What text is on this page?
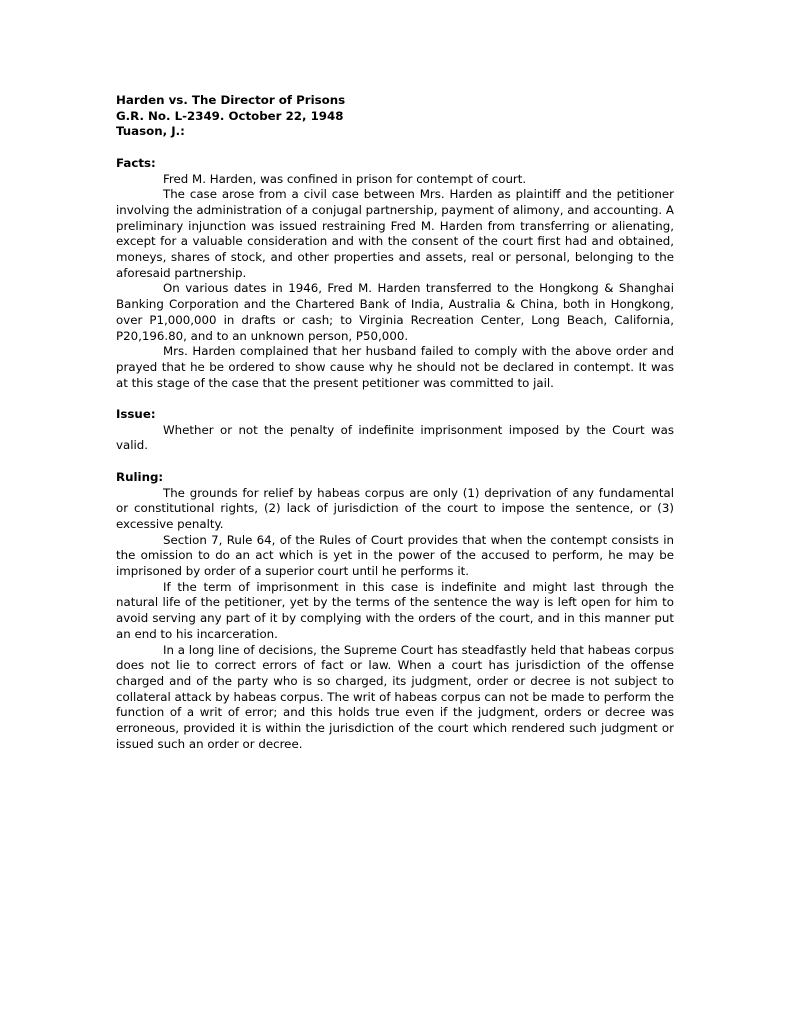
Harden vs. The Director of Prisons
G.R. No. L-2349. October 22, 1948
Tuason, J.:
Facts:

Fred M. Harden, was confined in prison for contempt of court.

The case arose from a civil case between Mrs. Harden as plaintiff and the petitioner involving the administration of a conjugal partnership, payment of alimony, and accounting. A preliminary injunction was issued restraining Fred M. Harden from transferring or alienating, except for a valuable consideration and with the consent of the court first had and obtained, moneys, shares of stock, and other properties and assets, real or personal, belonging to the aforesaid partnership.

On various dates in 1946, Fred M. Harden transferred to the Hongkong & Shanghai Banking Corporation and the Chartered Bank of India, Australia & China, both in Hongkong, over P1,000,000 in drafts or cash; to Virginia Recreation Center, Long Beach, California, P20,196.80, and to an unknown person, P50,000.

Mrs. Harden complained that her husband failed to comply with the above order and prayed that he be ordered to show cause why he should not be declared in contempt. It was at this stage of the case that the present petitioner was committed to jail.

Issue:

Whether or not the penalty of indefinite imprisonment imposed by the Court was valid.

Ruling:

The grounds for relief by habeas corpus are only (1) deprivation of any fundamental or constitutional rights, (2) lack of jurisdiction of the court to impose the sentence, or (3) excessive penalty.

Section 7, Rule 64, of the Rules of Court provides that when the contempt consists in the omission to do an act which is yet in the power of the accused to perform, he may be imprisoned by order of a superior court until he performs it.

If the term of imprisonment in this case is indefinite and might last through the natural life of the petitioner, yet by the terms of the sentence the way is left open for him to avoid serving any part of it by complying with the orders of the court, and in this manner put an end to his incarceration.

In a long line of decisions, the Supreme Court has steadfastly held that habeas corpus does not lie to correct errors of fact or law. When a court has jurisdiction of the offense charged and of the party who is so charged, its judgment, order or decree is not subject to collateral attack by habeas corpus. The writ of habeas corpus can not be made to perform the function of a writ of error; and this holds true even if the judgment, orders or decree was erroneous, provided it is within the jurisdiction of the court which rendered such judgment or issued such an order or decree.
